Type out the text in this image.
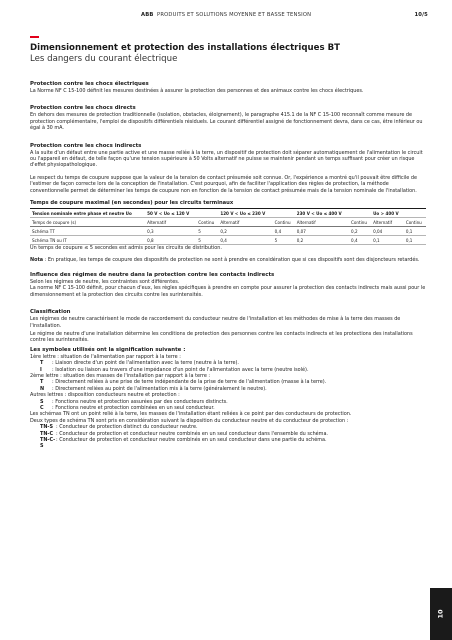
ABB PRODUITS ET SOLUTIONS MOYENNE ET BASSE TENSION	10/5
Dimensionnement et protection des installations électriques BT
Les dangers du courant électrique
Protection contre les chocs électriques
La Norme NF C 15-100 définit les mesures destinées à assurer la protection des personnes et des animaux contre les chocs électriques.
Protection contre les chocs directs
En dehors des mesures de protection traditionnelle (isolation, obstacles, éloignement), le paragraphe 415.1 de la NF C 15-100 reconnaît comme mesure de protection complémentaire, l'emploi de dispositifs différentiels résiduels. Le courant différentiel assigné de fonctionnement devra, dans ce cas, être inférieur ou égal à 30 mA.
Protection contre les chocs indirects
A la suite d'un défaut entre une partie active et une masse reliée à la terre, un dispositif de protection doit séparer automatiquement de l'alimentation le circuit ou l'appareil en défaut, de telle façon qu'une tension supérieure à 50 Volts alternatif ne puisse se maintenir pendant un temps suffisant pour créer un risque d'effet physiopathologique.
Le respect du temps de coupure suppose que la valeur de la tension de contact présumée soit connue. Or, l'expérience a montré qu'il pouvait être difficile de l'estimer de façon correcte lors de la conception de l'installation. C'est pourquoi, afin de faciliter l'application des règles de protection, la méthode conventionnelle permet de déterminer les temps de coupure non en fonction de la tension de contact présumée mais de la tension nominale de l'installation.
Temps de coupure maximal (en secondes) pour les circuits terminaux
Tension nominale entre phase et neutre Uo	50 V < Uo ≤ 120 V		120 V < Uo ≤ 230 V		230 V < Uo ≤ 400 V		Uo > 400 V	
Temps de coupure (s)	Alternatif	Continu	Alternatif	Continu	Alternatif	Continu	Alternatif	Continu
Schéma TT	0,3	5	0,2	0,4	0,07	0,2	0,04	0,1
Schéma TN ou IT	0,8	5	0,4	5	0,2	0,4	0,1	0,1
Un temps de coupure ≤ 5 secondes est admis pour les circuits de distribution.
Nota : En pratique, les temps de coupure des dispositifs de protection ne sont à prendre en considération que si ces dispositifs sont des disjoncteurs retardés.
Influence des régimes de neutre dans la protection contre les contacts indirects
Selon les régimes de neutre, les contraintes sont différentes.
La norme NF C 15-100 définit, pour chacun d'eux, les règles spécifiques à prendre en compte pour assurer la protection des contacts indirects mais aussi pour le dimensionnement et la protection des circuits contre les surintensités.
Classification
Les régimes de neutre caractérisent le mode de raccordement du conducteur neutre de l'installation et les méthodes de mise à la terre des masses de l'installation.
Le régime de neutre d'une installation détermine les conditions de protection des personnes contre les contacts indirects et les protections des installations contre les surintensités.
Les symboles utilisés ont la signification suivante :
1ère lettre : situation de l'alimentation par rapport à la terre :
T	: Liaison directe d'un point de l'alimentation avec la terre (neutre à la terre).
I	: Isolation ou liaison au travers d'une impédance d'un point de l'alimentation avec la terre (neutre isolé).
2ème lettre : situation des masses de l'installation par rapport à la terre :
T	: Directement reliées à une prise de terre indépendante de la prise de terre de l'alimentation (masse à la terre).
N	: Directement reliées au point de l'alimentation mis à la terre (généralement le neutre).
Autres lettres : disposition conducteurs neutre et protection :
S	: Fonctions neutre et protection assurées par des conducteurs distincts.
C	: Fonctions neutre et protection combinées en un seul conducteur.
Les schémas TN ont un point relié à la terre, les masses de l'installation étant reliées à ce point par des conducteurs de protection.
Deux types de schéma TN sont pris en considération suivant la disposition du conducteur neutre et du conducteur de protection :
TN-S : Conducteur de protection distinct du conducteur neutre.
TN-C : Conducteur de protection et conducteur neutre combinés en un seul conducteur dans l'ensemble du schéma.
TN-C-S
: Conducteur de protection et conducteur neutre combinés en un seul conducteur dans une partie du schéma.
10
